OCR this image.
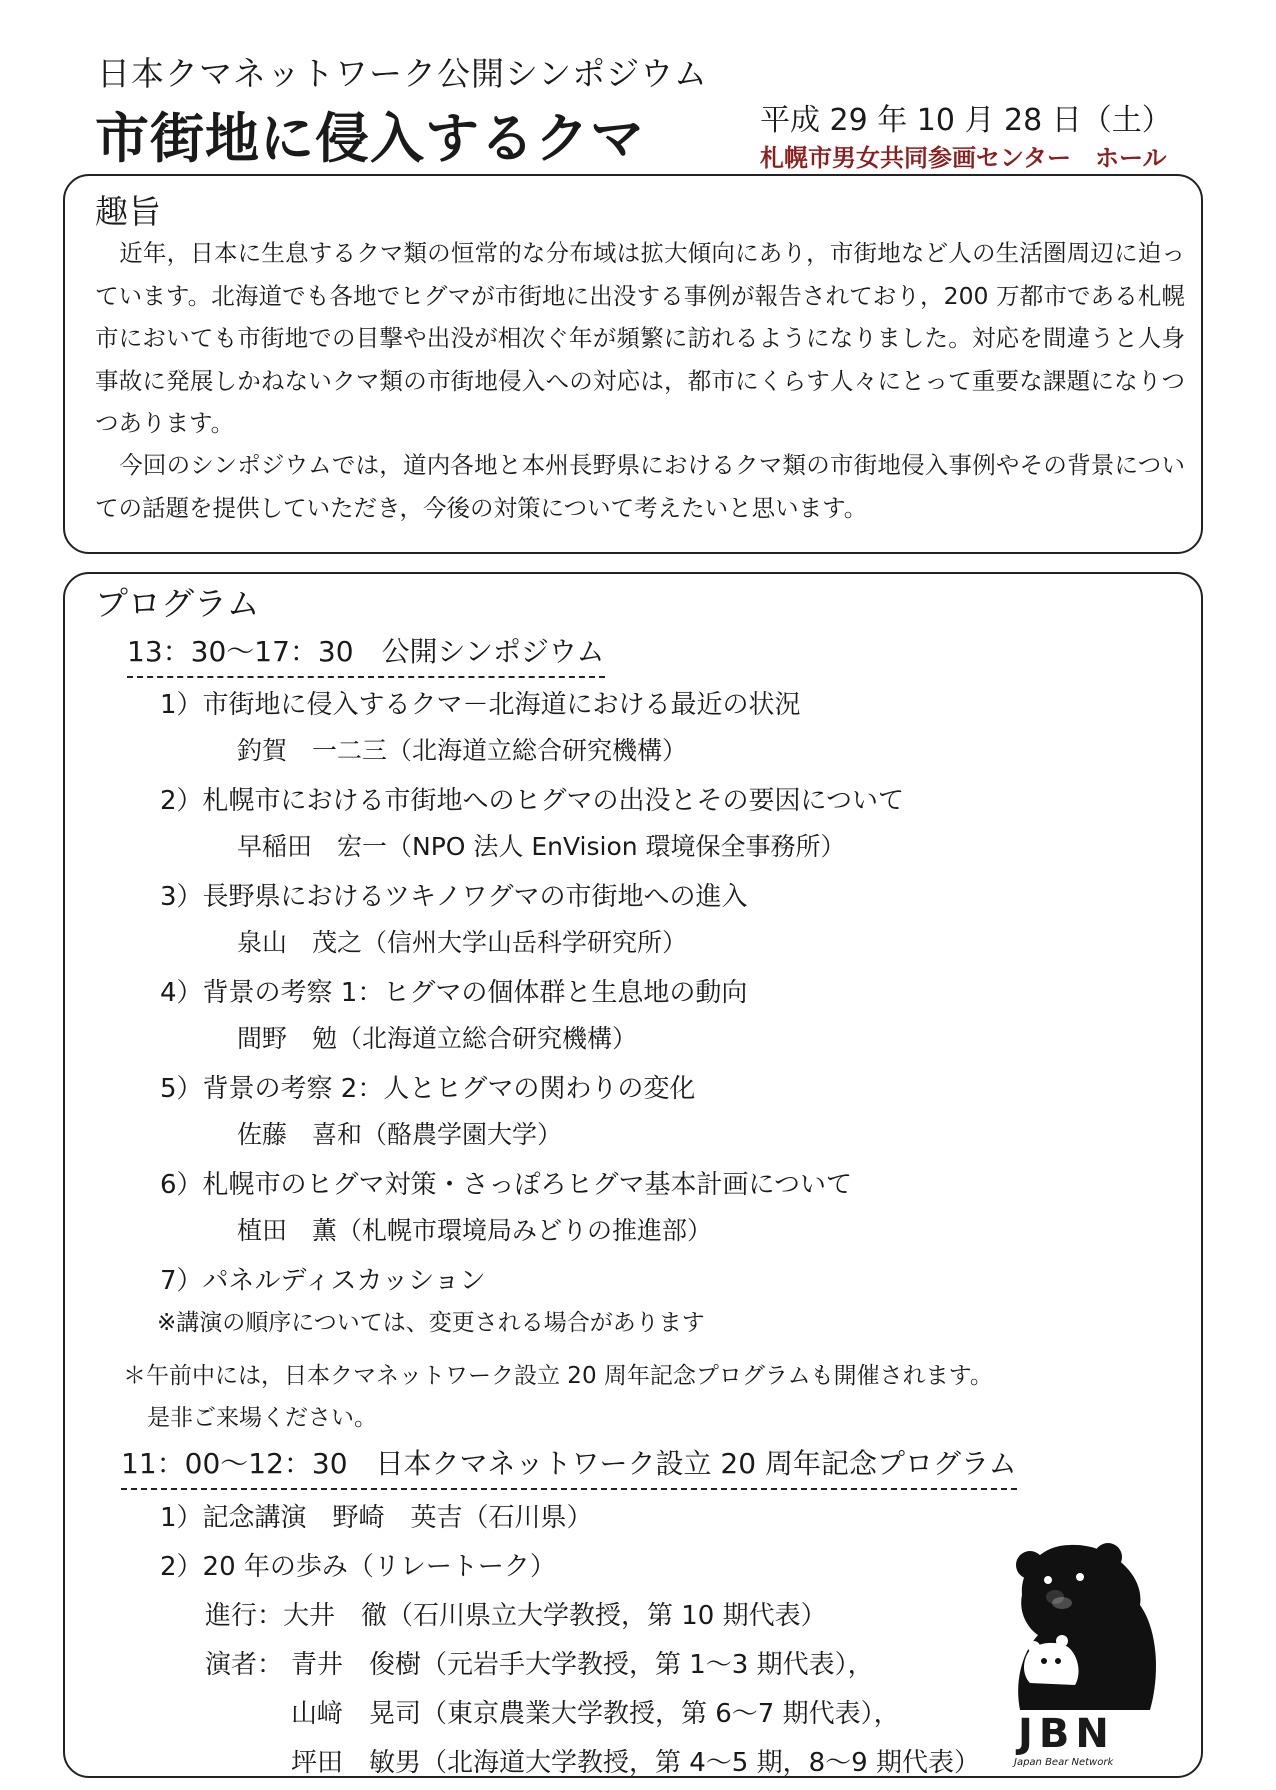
日本クマネットワーク公開シンポジウム
市街地に侵入するクマ	平成 29 年 10 月 28 日（土）
札幌市男女共同参画センター　ホール
趣旨
近年，日本に生息するクマ類の恒常的な分布域は拡大傾向にあり，市街地など人の生活圏周辺に迫っています。北海道でも各地でヒグマが市街地に出没する事例が報告されており，200 万都市である札幌市においても市街地での目撃や出没が相次ぐ年が頻繁に訪れるようになりました。対応を間違うと人身事故に発展しかねないクマ類の市街地侵入への対応は，都市にくらす人々にとって重要な課題になりつつあります。
今回のシンポジウムでは，道内各地と本州長野県におけるクマ類の市街地侵入事例やその背景についての話題を提供していただき，今後の対策について考えたいと思います。
プログラム
13：30〜17：30　公開シンポジウム
1）市街地に侵入するクマ－北海道における最近の状況
釣賀　一二三（北海道立総合研究機構）
2）札幌市における市街地へのヒグマの出没とその要因について
早稲田　宏一（NPO 法人 EnVision 環境保全事務所）
3）長野県におけるツキノワグマの市街地への進入
泉山　茂之（信州大学山岳科学研究所）
4）背景の考察 1：ヒグマの個体群と生息地の動向
間野　勉（北海道立総合研究機構）
5）背景の考察 2：人とヒグマの関わりの変化
佐藤　喜和（酪農学園大学）
6）札幌市のヒグマ対策・さっぽろヒグマ基本計画について
植田　薫（札幌市環境局みどりの推進部）
7）パネルディスカッション
※講演の順序については、変更される場合があります
＊午前中には，日本クマネットワーク設立 20 周年記念プログラムも開催されます。
是非ご来場ください。
11：00〜12：30　日本クマネットワーク設立 20 周年記念プログラム
1）記念講演　野崎　英吉（石川県）
2）20 年の歩み（リレートーク）
進行：大井　徹（石川県立大学教授，第 10 期代表）
演者： 青井　俊樹（元岩手大学教授，第 1〜3 期代表），
山﨑　晃司（東京農業大学教授，第 6〜7 期代表），
坪田　敏男（北海道大学教授，第 4〜5 期，8〜9 期代表）
JBN
Japan Bear Network
